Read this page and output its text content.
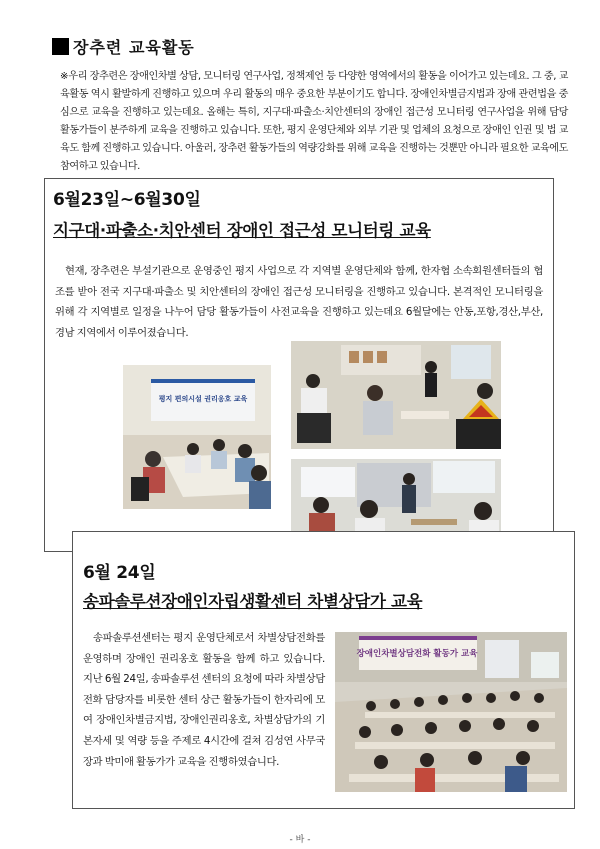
장추련 교육활동

※우리 장추련은 장애인차별 상담, 모니터링 연구사업, 정책제언 등 다양한 영역에서의 활동을 이어가고 있는데요. 그 중, 교육활동 역시 활발하게 진행하고 있으며 우리 활동의 매우 중요한 부분이기도 합니다. 장애인차별금지법과 장애 관련법을 중심으로 교육을 진행하고 있는데요. 올해는 특히, 지구대·파출소·치안센터의 장애인 접근성 모니터링 연구사업을 위해 담당 활동가들이 분주하게 교육을 진행하고 있습니다. 또한, 평지 운영단체와 외부 기관 및 업체의 요청으로 장애인 인권 및 법 교육도 함께 진행하고 있습니다. 아울러, 장추련 활동가들의 역량강화를 위해 교육을 진행하는 것뿐만 아니라 필요한 교육에도 참여하고 있습니다.

6월23일~6월30일
지구대·파출소·치안센터 장애인 접근성 모니터링 교육

현재, 장추련은 부설기관으로 운영중인 평지 사업으로 각 지역별 운영단체와 함께, 한자협 소속회원센터들의 협조를 받아 전국 지구대·파출소 및 치안센터의 장애인 접근성 모니터링을 진행하고 있습니다. 본격적인 모니터링을 위해 각 지역별로 일정을 나누어 담당 활동가들이 사전교육을 진행하고 있는데요 6월달에는 안동,포항,경산,부산,경남 지역에서 이루어졌습니다.

평지 편의시설 권리옹호 교육
6월 24일
송파솔루션장애인자립생활센터 차별상담가 교육

송파솔루션센터는 평지 운영단체로서 차별상담전화를 운영하며 장애인 권리옹호 활동을 함께 하고 있습니다. 지난 6월 24일, 송파솔루션 센터의 요청에 따라 차별상담전화 담당자를 비롯한 센터 상근 활동가들이 한자리에 모여 장애인차별금지법, 장애인권리옹호, 차별상담가의 기본자세 및 역량 등을 주제로 4시간에 걸쳐 김성연 사무국장과 박미애 활동가가 교육을 진행하였습니다.

장애인차별상담전화 활동가 교육
- 바 -
